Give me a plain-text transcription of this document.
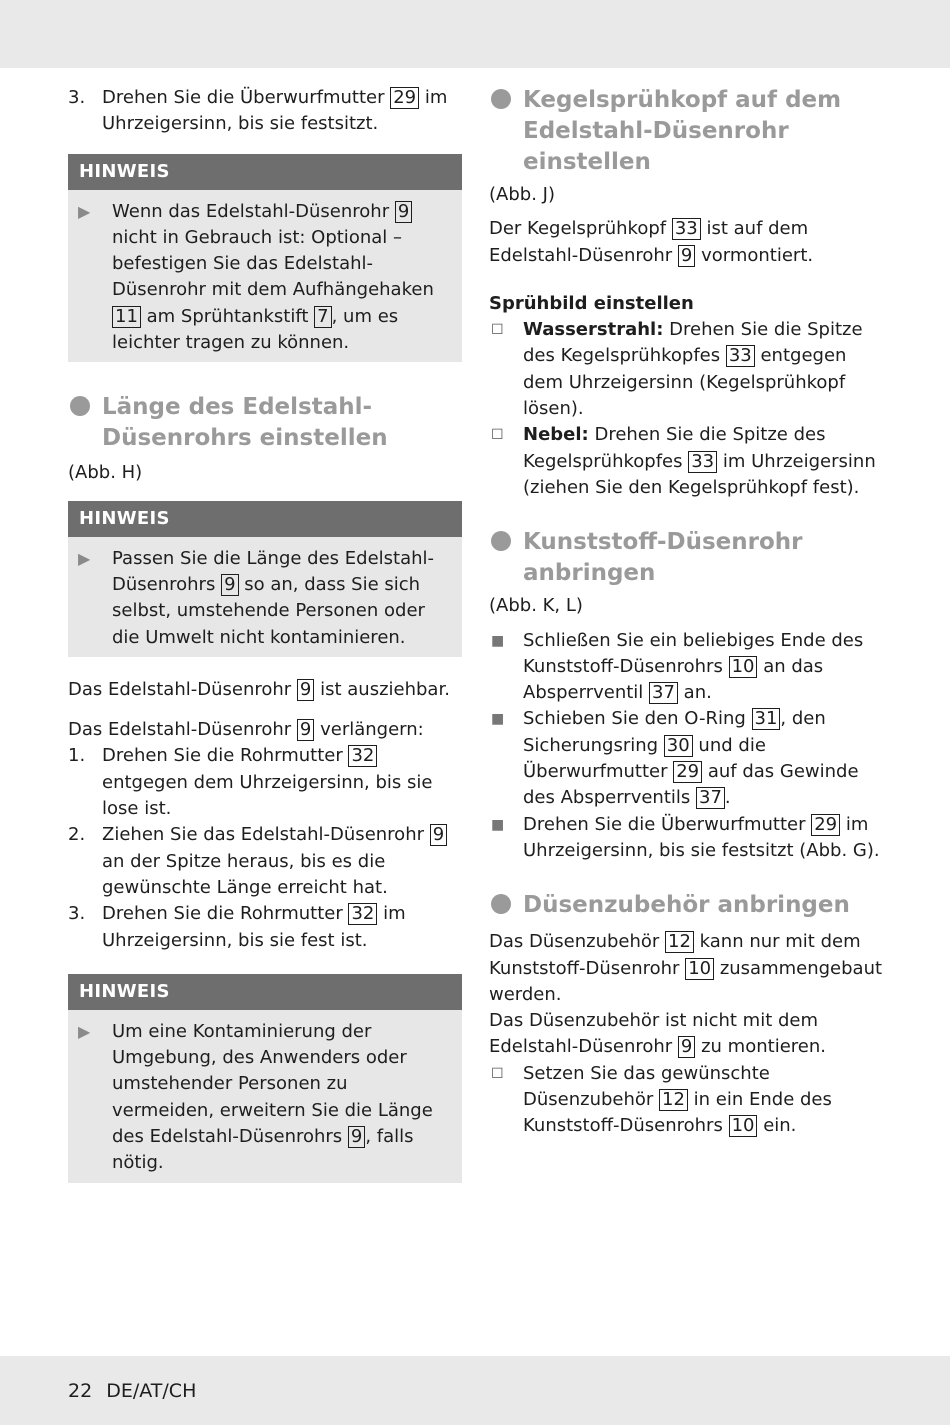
3. Drehen Sie die Überwurfmutter 29 im Uhrzeigersinn, bis sie festsitzt.
HINWEIS
▶ Wenn das Edelstahl-Düsenrohr 9 nicht in Gebrauch ist: Optional – befestigen Sie das Edelstahl-Düsenrohr mit dem Aufhängehaken 11 am Sprühtankstift 7 , um es leichter tragen zu können.
Länge des Edelstahl-Düsenrohrs einstellen

(Abb. H)

HINWEIS
▶ Passen Sie die Länge des Edelstahl-Düsenrohrs 9 so an, dass Sie sich selbst, umstehende Personen oder die Umwelt nicht kontaminieren.

Das Edelstahl-Düsenrohr 9 ist ausziehbar.

Das Edelstahl-Düsenrohr 9 verlängern:

1. Drehen Sie die Rohrmutter 32 entgegen dem Uhrzeigersinn, bis sie lose ist.
2. Ziehen Sie das Edelstahl-Düsenrohr 9 an der Spitze heraus, bis es die gewünschte Länge erreicht hat.
3. Drehen Sie die Rohrmutter 32 im Uhrzeigersinn, bis sie fest ist.
HINWEIS
▶ Um eine Kontaminierung der Umgebung, des Anwenders oder umstehender Personen zu vermeiden, erweitern Sie die Länge des Edelstahl-Düsenrohrs 9 , falls nötig.
Kegelsprühkopf auf dem Edelstahl-Düsenrohr einstellen

(Abb. J)

Der Kegelsprühkopf 33 ist auf dem Edelstahl-Düsenrohr 9 vormontiert.

Sprühbild einstellen

☐ Wasserstrahl: Drehen Sie die Spitze des Kegelsprühkopfes 33 entgegen dem Uhrzeigersinn (Kegelsprühkopf lösen).
☐ Nebel: Drehen Sie die Spitze des Kegelsprühkopfes 33 im Uhrzeigersinn (ziehen Sie den Kegelsprühkopf fest).
Kunststoff-Düsenrohr anbringen

(Abb. K, L)

■ Schließen Sie ein beliebiges Ende des Kunststoff-Düsenrohrs 10 an das Absperrventil 37 an.
■ Schieben Sie den O-Ring 31 , den Sicherungsring 30 und die Überwurfmutter 29 auf das Gewinde des Absperrventils 37 .
■ Drehen Sie die Überwurfmutter 29 im Uhrzeigersinn, bis sie festsitzt (Abb. G).
Düsenzubehör anbringen

Das Düsenzubehör 12 kann nur mit dem Kunststoff-Düsenrohr 10 zusammengebaut werden.

Das Düsenzubehör ist nicht mit dem Edelstahl-Düsenrohr 9 zu montieren.

☐ Setzen Sie das gewünschte Düsenzubehör 12 in ein Ende des Kunststoff-Düsenrohrs 10 ein.
22 DE/AT/CH
